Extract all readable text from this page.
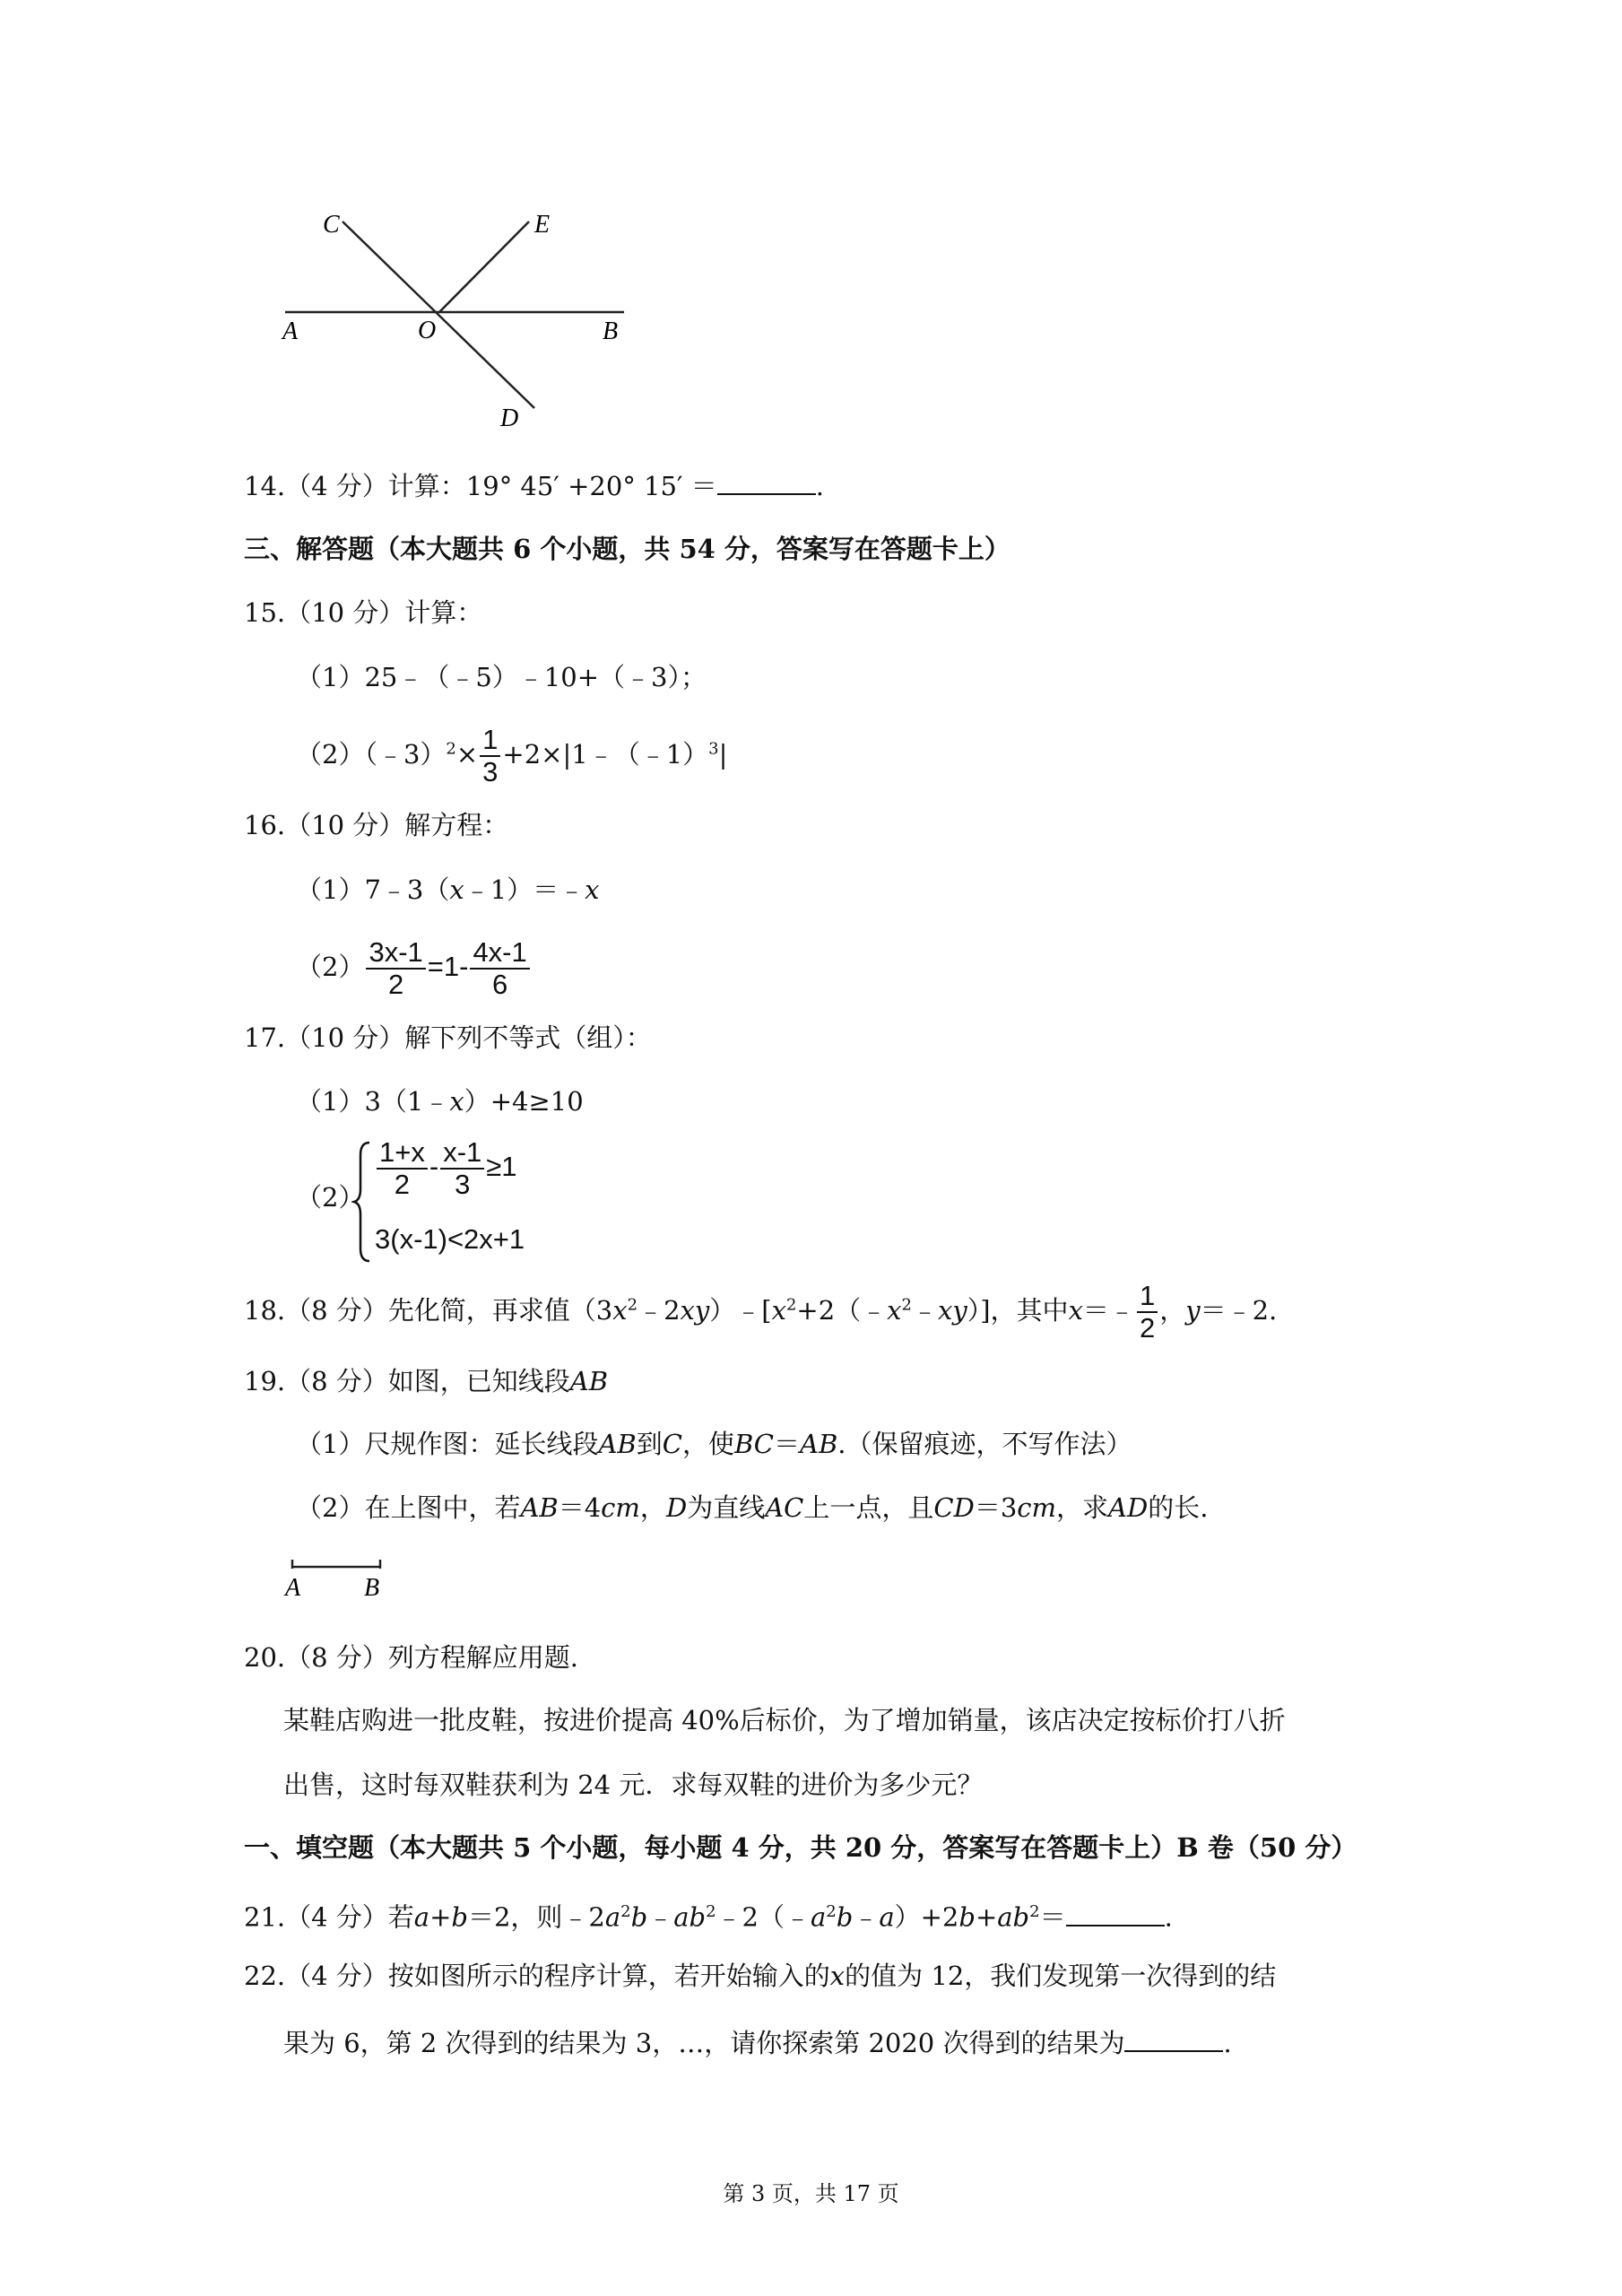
C	E
A	O	B
D
14.（4 分）计算：19° 45′ +20° 15′ ＝	.
三、解答题（本大题共 6 个小题，共 54 分，答案写在答题卡上）
15.（10 分）计算：
（1）25﹣（﹣5）﹣10+（﹣3）；
（2）（﹣3）$^2$× $\frac{1}{3}$ +2×|1﹣（﹣1）$^3$|
16.（10 分）解方程：
（1）7﹣3（x﹣1）＝﹣x
$(2) \frac{3x-1}{2} =1- \frac{4x-1}{6}$
17.（10 分）解下列不等式（组）：
（1）3（1﹣x）+4≥10
$(2) \frac{1+x}{2} - \frac{x-1}{3} \ge 1$
3(x-1)<2x+1
18.（8 分）先化简，再求值$(3x^2﹣2xy)﹣[x^2+2(﹣x^2﹣xy)]$，其中x＝﹣ $\frac{1}{2}$ ，y＝﹣2.
19.（8 分）如图，已知线段AB
（1）尺规作图：延长线段AB到C，使BC＝AB.（保留痕迹，不写作法）
（2）在上图中，若AB＝4cm，D为直线AC上一点，且CD＝3cm，求AD的长.
A	B
20.（8 分）列方程解应用题.
某鞋店购进一批皮鞋，按进价提高 40%后标价，为了增加销量，该店决定按标价打八折
出售，这时每双鞋获利为 24 元．求每双鞋的进价为多少元？
一、填空题（本大题共 5 个小题，每小题 4 分，共 20 分，答案写在答题卡上）B 卷（50 分）
21.（4 分）若a+b＝2，则$﹣2a^2b﹣ab^2﹣2(﹣a^2b﹣a)+2b+ab^2=$	.
22.（4 分）按如图所示的程序计算，若开始输入的x的值为 12，我们发现第一次得到的结
果为 6，第 2 次得到的结果为 3，…，请你探索第 2020 次得到的结果为	.
第 3 页，共 17 页
